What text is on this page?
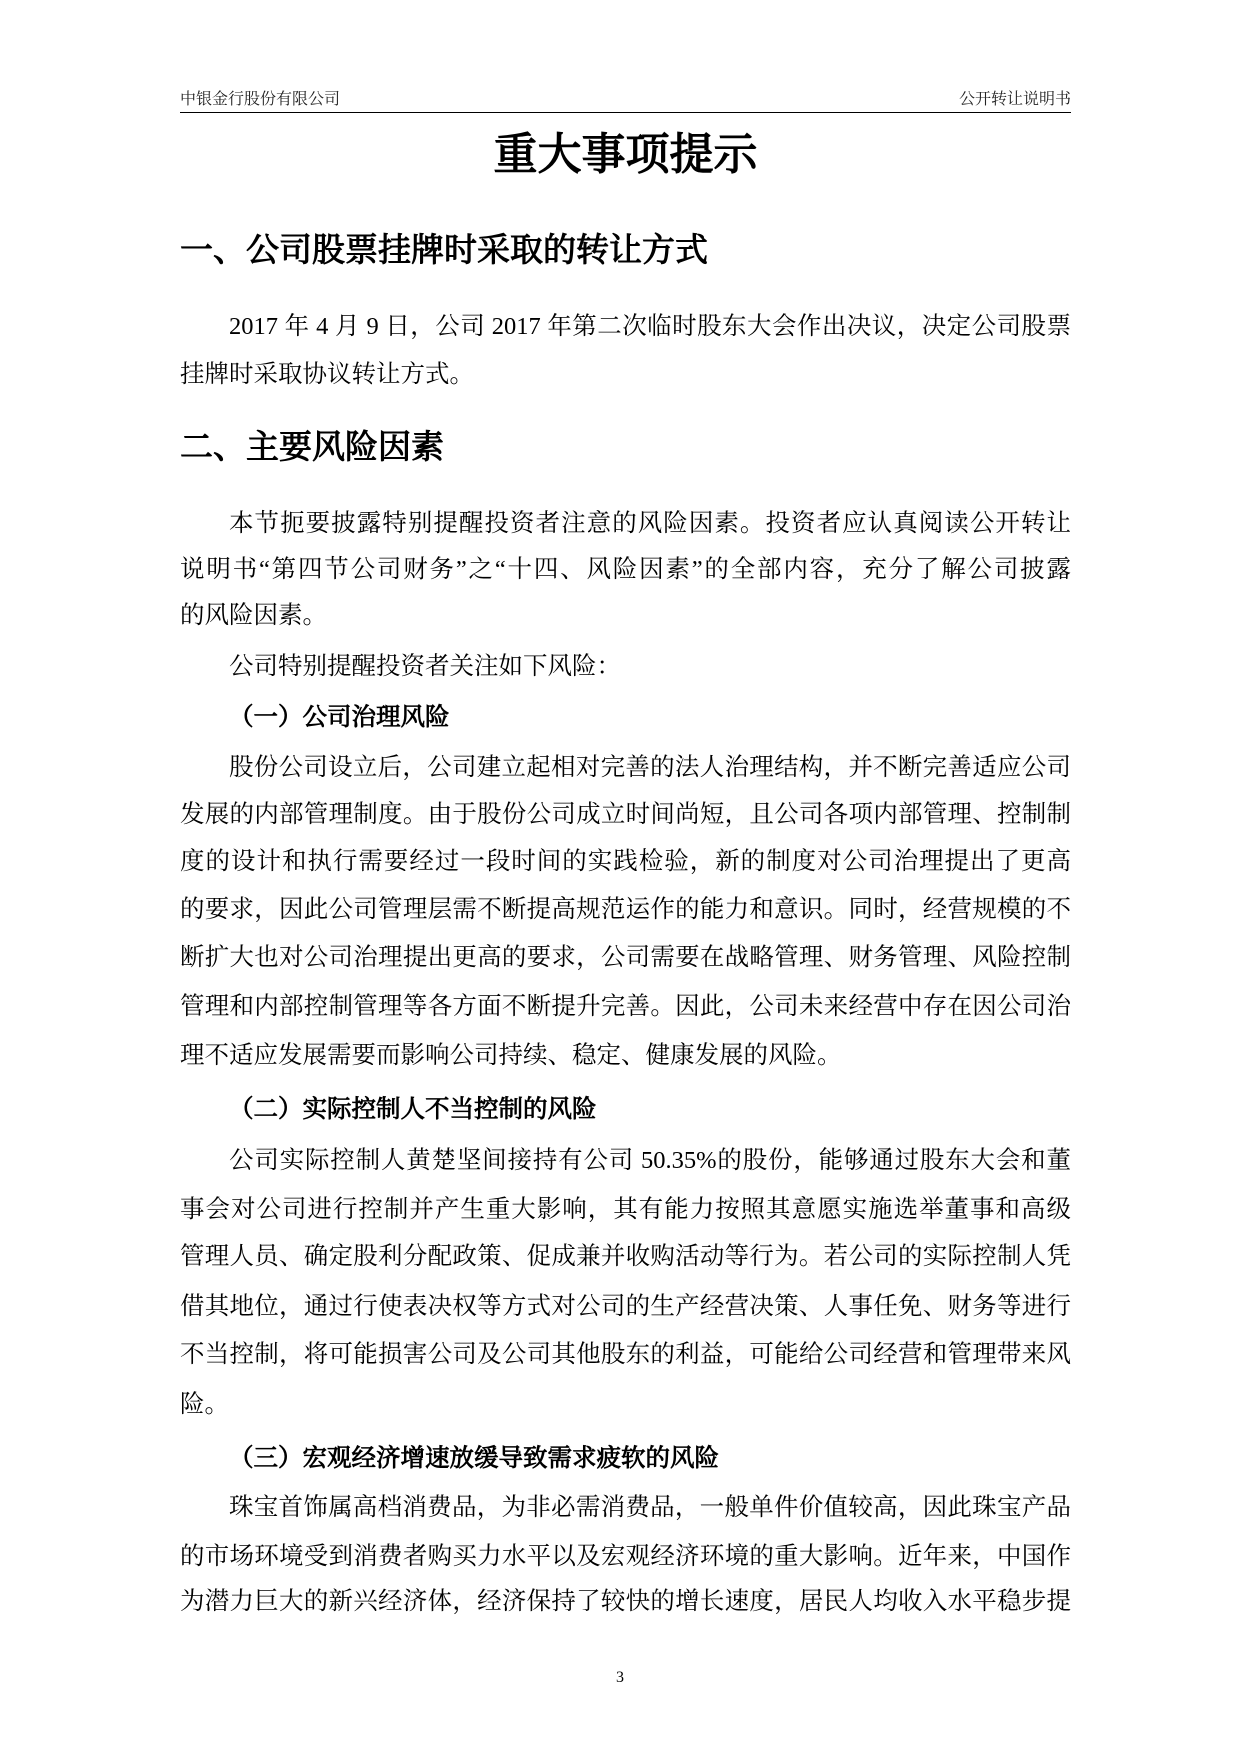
中银金行股份有限公司	公开转让说明书
重大事项提示
一、公司股票挂牌时采取的转让方式
2017 年 4 月 9 日，公司 2017 年第二次临时股东大会作出决议，决定公司股票
挂牌时采取协议转让方式。
二、主要风险因素
本节扼要披露特别提醒投资者注意的风险因素。投资者应认真阅读公开转让
说明书“第四节公司财务”之“十四、风险因素”的全部内容，充分了解公司披露
的风险因素。
公司特别提醒投资者关注如下风险：
（一）公司治理风险
股份公司设立后，公司建立起相对完善的法人治理结构，并不断完善适应公司
发展的内部管理制度。由于股份公司成立时间尚短，且公司各项内部管理、控制制
度的设计和执行需要经过一段时间的实践检验，新的制度对公司治理提出了更高
的要求，因此公司管理层需不断提高规范运作的能力和意识。同时，经营规模的不
断扩大也对公司治理提出更高的要求，公司需要在战略管理、财务管理、风险控制
管理和内部控制管理等各方面不断提升完善。因此，公司未来经营中存在因公司治
理不适应发展需要而影响公司持续、稳定、健康发展的风险。
（二）实际控制人不当控制的风险
公司实际控制人黄楚坚间接持有公司 50.35%的股份，能够通过股东大会和董
事会对公司进行控制并产生重大影响，其有能力按照其意愿实施选举董事和高级
管理人员、确定股利分配政策、促成兼并收购活动等行为。若公司的实际控制人凭
借其地位，通过行使表决权等方式对公司的生产经营决策、人事任免、财务等进行
不当控制，将可能损害公司及公司其他股东的利益，可能给公司经营和管理带来风
险。
（三）宏观经济增速放缓导致需求疲软的风险
珠宝首饰属高档消费品，为非必需消费品，一般单件价值较高，因此珠宝产品
的市场环境受到消费者购买力水平以及宏观经济环境的重大影响。近年来，中国作
为潜力巨大的新兴经济体，经济保持了较快的增长速度，居民人均收入水平稳步提
3
